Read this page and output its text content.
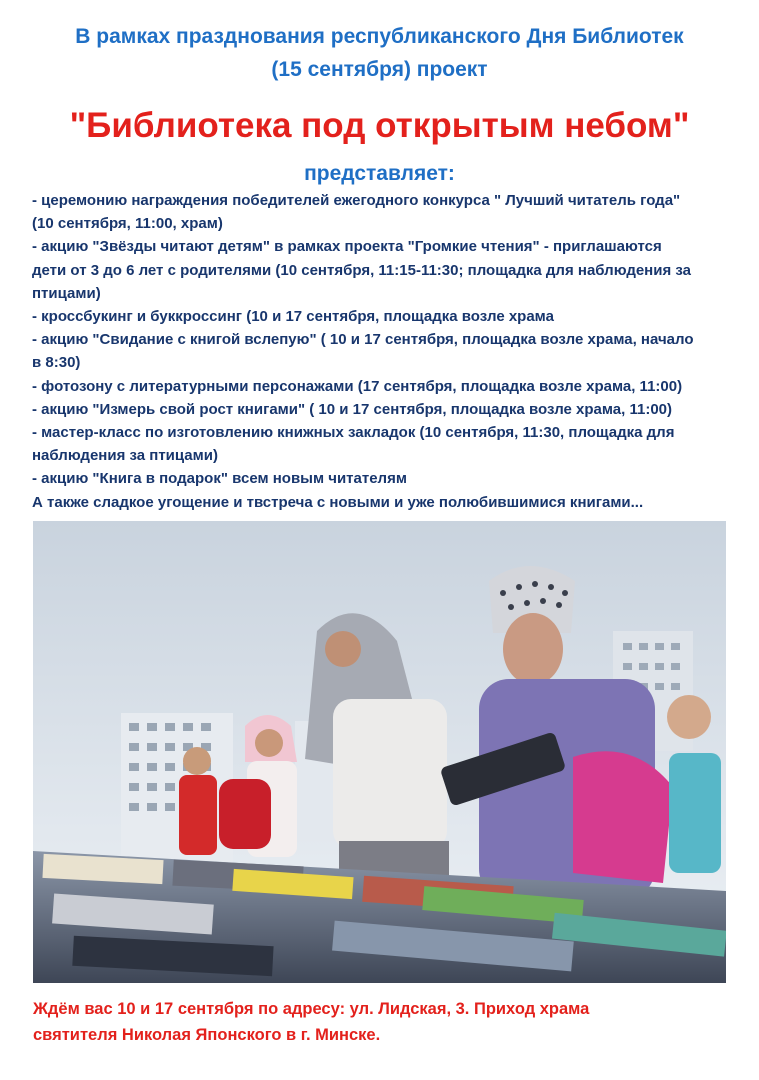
В рамках празднования республиканского Дня Библиотек
(15 сентября) проект
"Библиотека под открытым небом"
представляет:
- церемонию награждения победителей ежегодного конкурса " Лучший читатель года"
(10 сентября, 11:00, храм)
- акцию "Звёзды читают детям" в рамках проекта "Громкие чтения" - приглашаются
дети от 3 до 6 лет с родителями (10 сентября, 11:15-11:30; площадка для наблюдения за
птицами)
- кроссбукинг и буккроссинг (10 и 17 сентября, площадка возле храма
- акцию "Свидание с книгой вслепую" ( 10 и 17 сентября, площадка возле храма, начало
в 8:30)
- фотозону с литературными персонажами (17 сентября, площадка возле храма, 11:00)
- акцию "Измерь свой рост книгами" ( 10 и 17 сентября, площадка возле храма, 11:00)
- мастер-класс по изготовлению книжных закладок (10 сентября, 11:30, площадка для
наблюдения за птицами)
- акцию "Книга в подарок" всем новым читателям
А также сладкое угощение и твстреча с новыми и уже полюбившимися книгами...
Ждём вас 10 и 17 сентября по адресу: ул. Лидская, 3. Приход храма
святителя Николая Японского в г. Минске.
